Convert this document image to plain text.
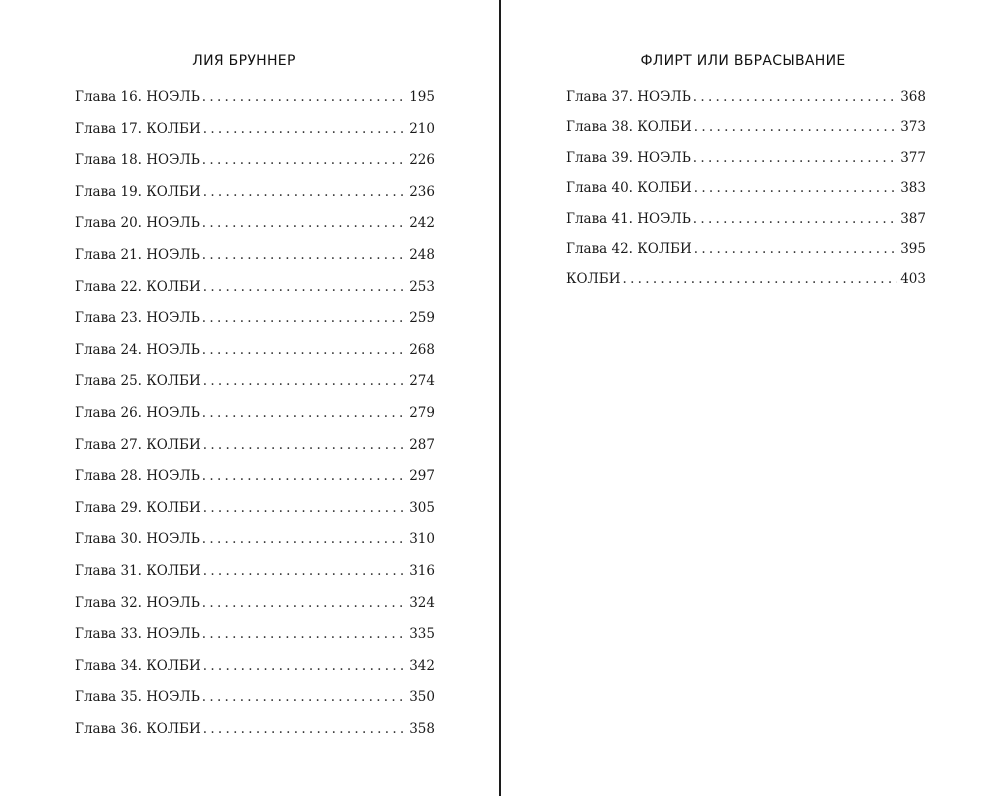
ЛИЯ БРУННЕР
Глава 16. НОЭЛЬ . . .	195
Глава 17. КОЛБИ . . .	210
Глава 18. НОЭЛЬ . . .	226
Глава 19. КОЛБИ . . .	236
Глава 20. НОЭЛЬ . . .	242
Глава 21. НОЭЛЬ . . .	248
Глава 22. КОЛБИ . . .	253
Глава 23. НОЭЛЬ . . .	259
Глава 24. НОЭЛЬ . . .	268
Глава 25. КОЛБИ . . .	274
Глава 26. НОЭЛЬ . . .	279
Глава 27. КОЛБИ . . .	287
Глава 28. НОЭЛЬ . . .	297
Глава 29. КОЛБИ . . .	305
Глава 30. НОЭЛЬ . . .	310
Глава 31. КОЛБИ . . .	316
Глава 32. НОЭЛЬ . . .	324
Глава 33. НОЭЛЬ . . .	335
Глава 34. КОЛБИ . . .	342
Глава 35. НОЭЛЬ . . .	350
Глава 36. КОЛБИ . . .	358
ФЛИРТ ИЛИ ВБРАСЫВАНИЕ
Глава 37. НОЭЛЬ . . .	368
Глава 38. КОЛБИ . . .	373
Глава 39. НОЭЛЬ . . .	377
Глава 40. КОЛБИ . . .	383
Глава 41. НОЭЛЬ . . .	387
Глава 42. КОЛБИ . . .	395
КОЛБИ . . .	403
